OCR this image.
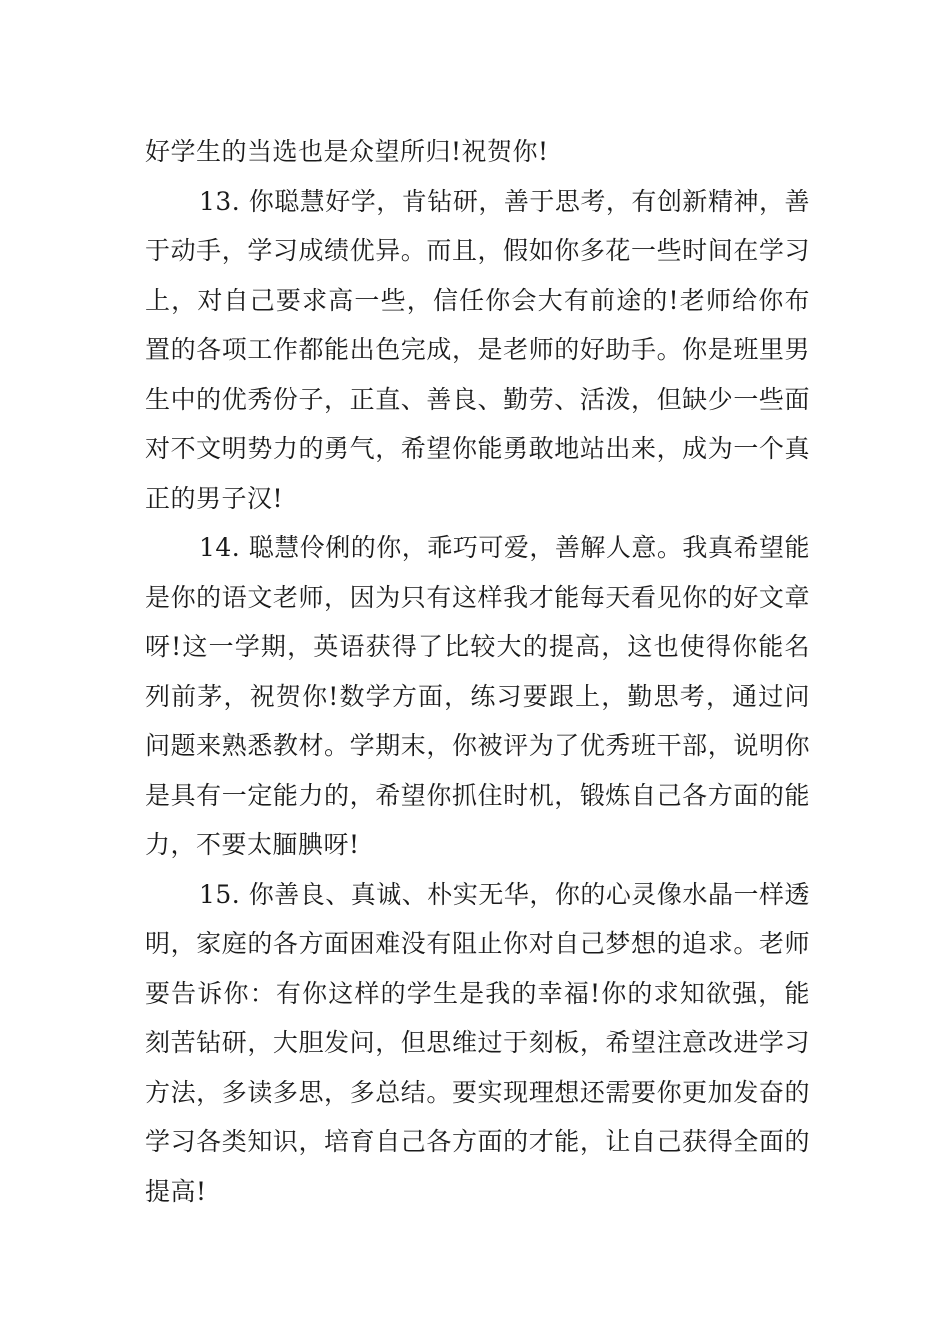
好学生的当选也是众望所归!祝贺你!

13. 你聪慧好学，肯钻研，善于思考，有创新精神，善于动手，学习成绩优异。而且，假如你多花一些时间在学习上，对自己要求高一些，信任你会大有前途的!老师给你布置的各项工作都能出色完成，是老师的好助手。你是班里男生中的优秀份子，正直、善良、勤劳、活泼，但缺少一些面对不文明势力的勇气，希望你能勇敢地站出来，成为一个真正的男子汉!

14. 聪慧伶俐的你，乖巧可爱，善解人意。我真希望能是你的语文老师，因为只有这样我才能每天看见你的好文章呀!这一学期，英语获得了比较大的提高，这也使得你能名列前茅，祝贺你!数学方面，练习要跟上，勤思考，通过问问题来熟悉教材。学期末，你被评为了优秀班干部，说明你是具有一定能力的，希望你抓住时机，锻炼自己各方面的能力，不要太腼腆呀!

15. 你善良、真诚、朴实无华，你的心灵像水晶一样透明，家庭的各方面困难没有阻止你对自己梦想的追求。老师要告诉你：有你这样的学生是我的幸福!你的求知欲强，能刻苦钻研，大胆发问，但思维过于刻板，希望注意改进学习方法，多读多思，多总结。要实现理想还需要你更加发奋的学习各类知识，培育自己各方面的才能，让自己获得全面的提高!
